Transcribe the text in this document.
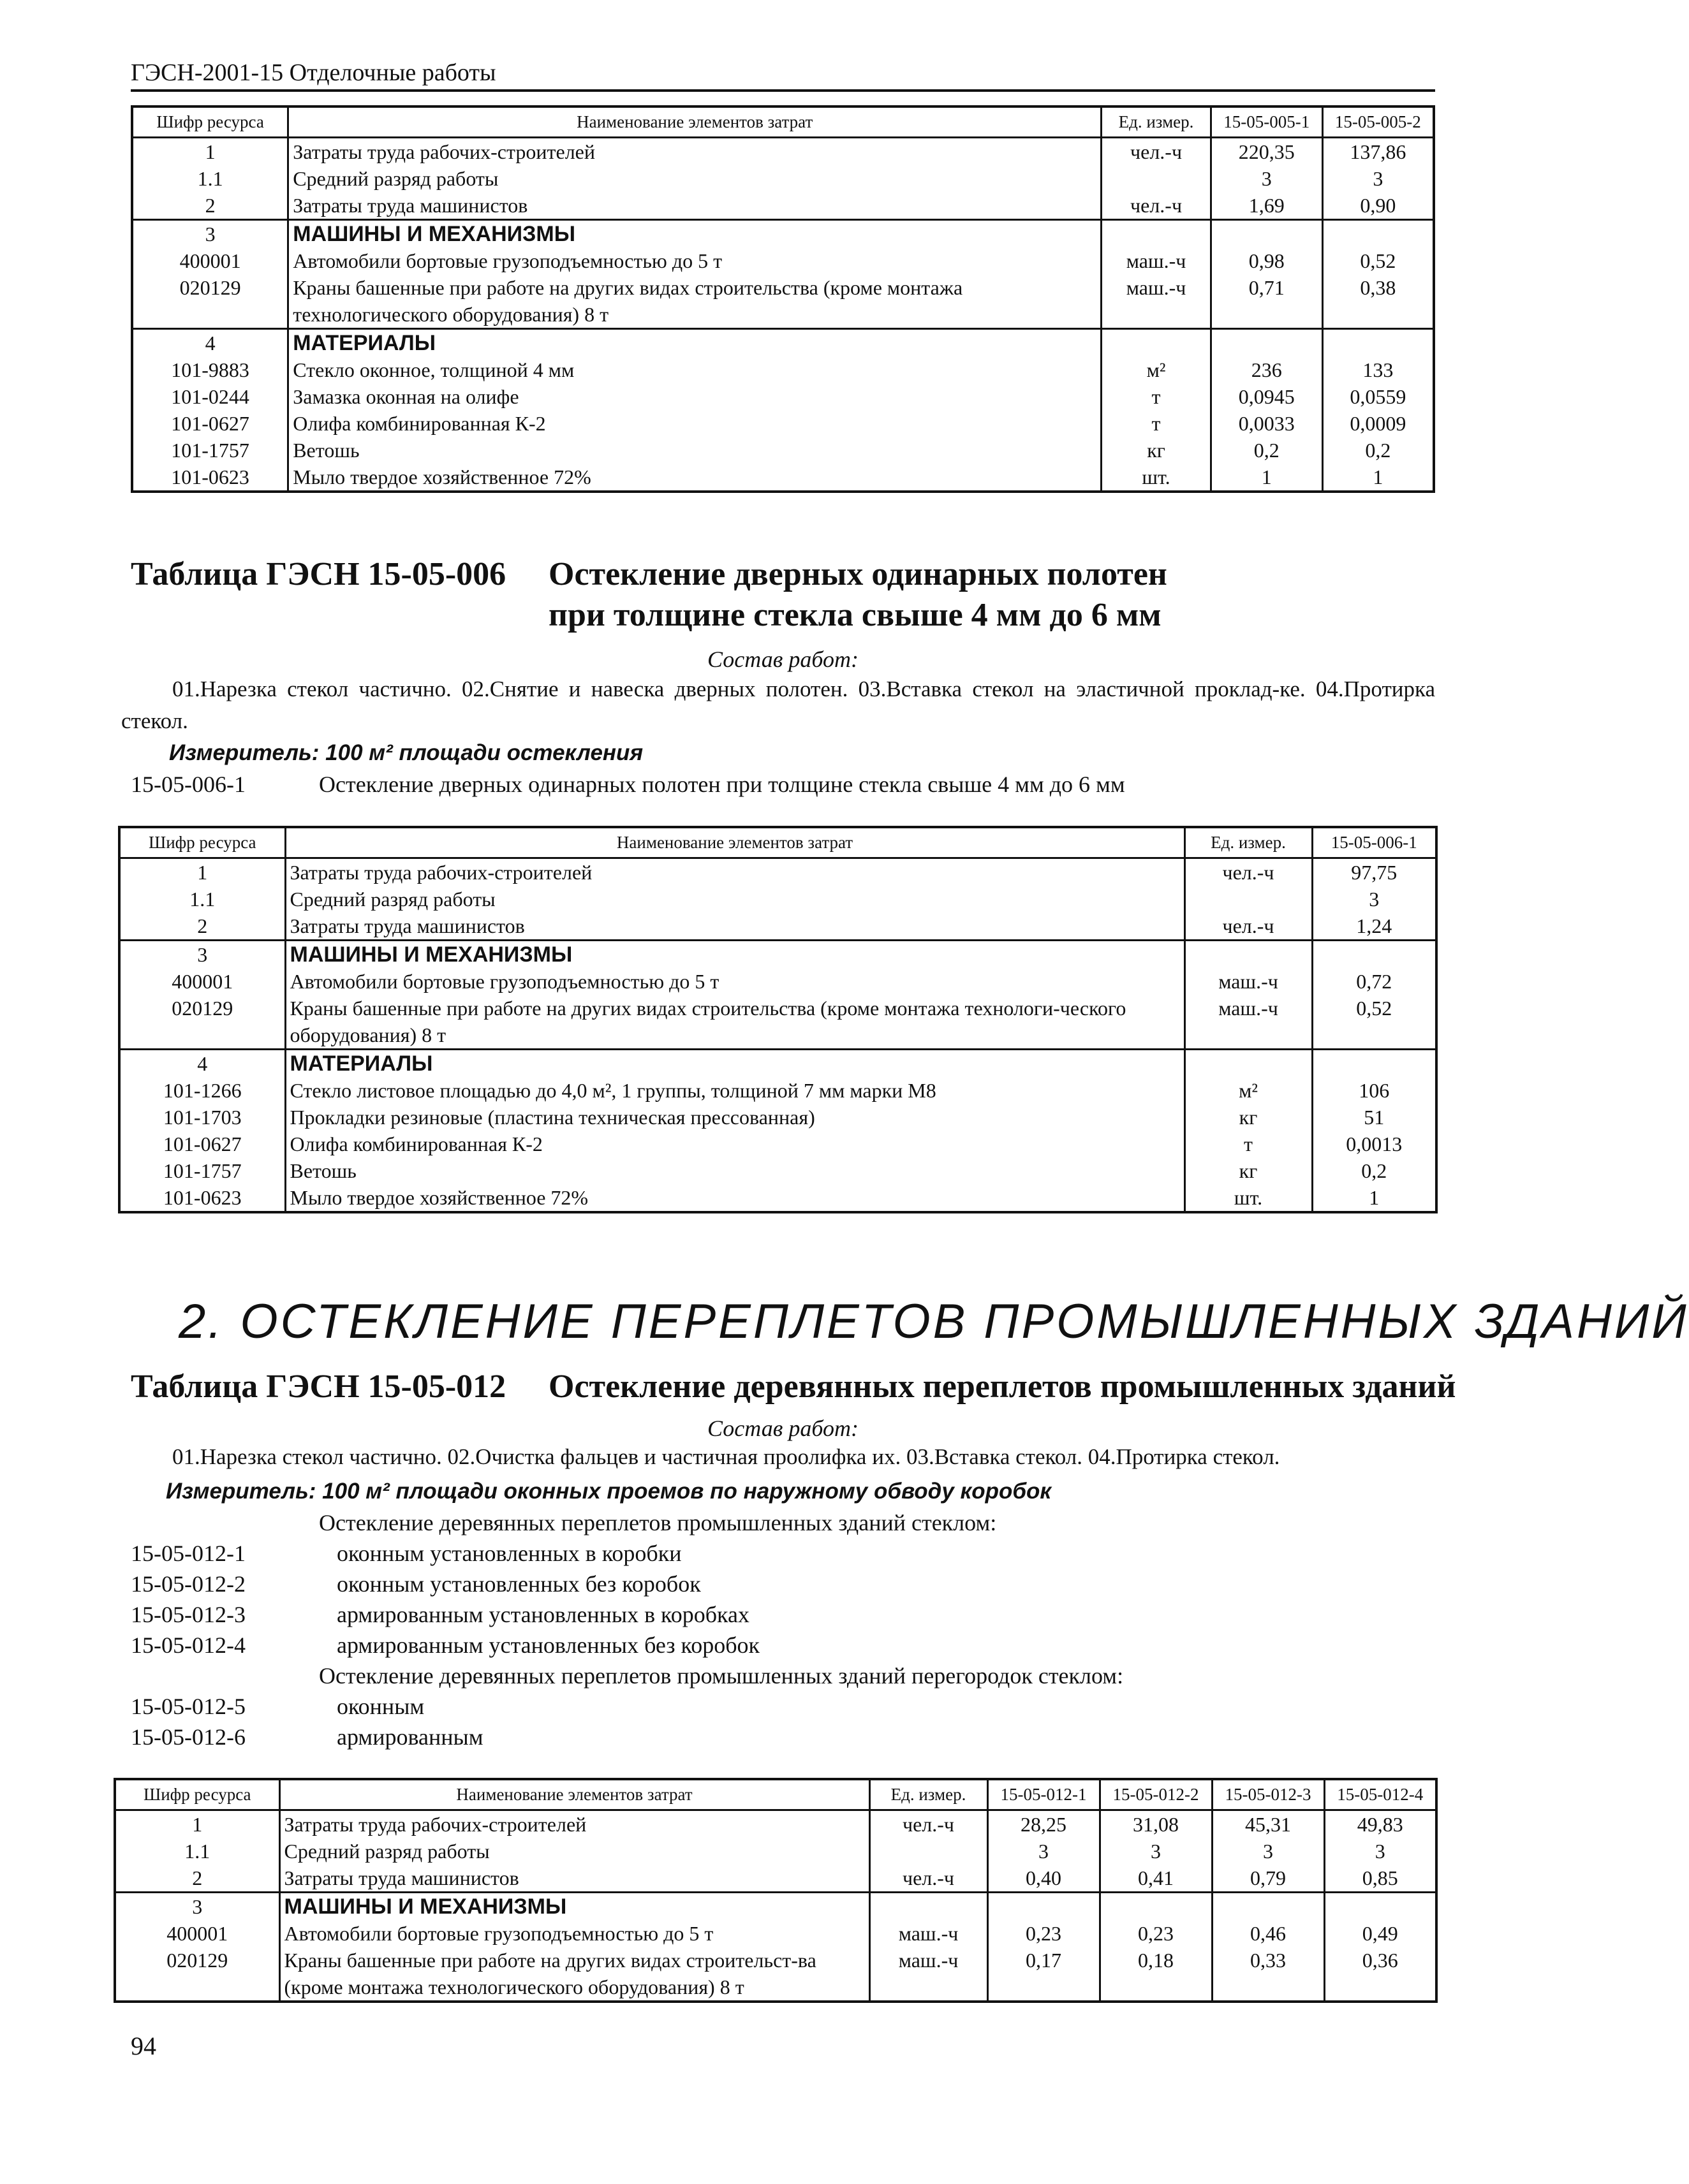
ГЭСН-2001-15 Отделочные работы
Шифр ресурса	Наименование элементов затрат	Ед. измер.	15-05-005-1	15-05-005-2
1	Затраты труда рабочих-строителей	чел.-ч	220,35	137,86
1.1	Средний разряд работы		3	3
2	Затраты труда машинистов	чел.-ч	1,69	0,90
3	МАШИНЫ И МЕХАНИЗМЫ			
400001	Автомобили бортовые грузоподъемностью до 5 т	маш.-ч	0,98	0,52
020129	Краны башенные при работе на других видах строительства (кроме монтажа технологического оборудования) 8 т	маш.-ч	0,71	0,38
4	МАТЕРИАЛЫ			
101-9883	Стекло оконное, толщиной 4 мм	м²	236	133
101-0244	Замазка оконная на олифе	т	0,0945	0,0559
101-0627	Олифа комбинированная К-2	т	0,0033	0,0009
101-1757	Ветошь	кг	0,2	0,2
101-0623	Мыло твердое хозяйственное 72%	шт.	1	1
Таблица ГЭСН 15-05-006 Остекление дверных одинарных полотен
при толщине стекла свыше 4 мм до 6 мм
Состав работ:
01.Нарезка стекол частично. 02.Снятие и навеска дверных полотен. 03.Вставка стекол на эластичной проклад-ке. 04.Протирка стекол.
Измеритель: 100 м² площади остекления
15-05-006-1	Остекление дверных одинарных полотен при толщине стекла свыше 4 мм до 6 мм
Шифр ресурса	Наименование элементов затрат	Ед. измер.	15-05-006-1
1	Затраты труда рабочих-строителей	чел.-ч	97,75
1.1	Средний разряд работы		3
2	Затраты труда машинистов	чел.-ч	1,24
3	МАШИНЫ И МЕХАНИЗМЫ		
400001	Автомобили бортовые грузоподъемностью до 5 т	маш.-ч	0,72
020129	Краны башенные при работе на других видах строительства (кроме монтажа технологи-ческого оборудования) 8 т	маш.-ч	0,52
4	МАТЕРИАЛЫ		
101-1266	Стекло листовое площадью до 4,0 м², 1 группы, толщиной 7 мм марки М8	м²	106
101-1703	Прокладки резиновые (пластина техническая прессованная)	кг	51
101-0627	Олифа комбинированная К-2	т	0,0013
101-1757	Ветошь	кг	0,2
101-0623	Мыло твердое хозяйственное 72%	шт.	1
2. ОСТЕКЛЕНИЕ ПЕРЕПЛЕТОВ ПРОМЫШЛЕННЫХ ЗДАНИЙ
Таблица ГЭСН 15-05-012 Остекление деревянных переплетов промышленных зданий
Состав работ:
01.Нарезка стекол частично. 02.Очистка фальцев и частичная проолифка их. 03.Вставка стекол. 04.Протирка стекол.
Измеритель: 100 м² площади оконных проемов по наружному обводу коробок
Остекление деревянных переплетов промышленных зданий стеклом:
15-05-012-1	оконным установленных в коробки
15-05-012-2	оконным установленных без коробок
15-05-012-3	армированным установленных в коробках
15-05-012-4	армированным установленных без коробок
Остекление деревянных переплетов промышленных зданий перегородок стеклом:
15-05-012-5	оконным
15-05-012-6	армированным
Шифр ресурса	Наименование элементов затрат	Ед. измер.	15-05-012-1	15-05-012-2	15-05-012-3	15-05-012-4
1	Затраты труда рабочих-строителей	чел.-ч	28,25	31,08	45,31	49,83
1.1	Средний разряд работы		3	3	3	3
2	Затраты труда машинистов	чел.-ч	0,40	0,41	0,79	0,85
3	МАШИНЫ И МЕХАНИЗМЫ					
400001	Автомобили бортовые грузоподъемностью до 5 т	маш.-ч	0,23	0,23	0,46	0,49
020129	Краны башенные при работе на других видах строительст-ва (кроме монтажа технологического оборудования) 8 т	маш.-ч	0,17	0,18	0,33	0,36
94
